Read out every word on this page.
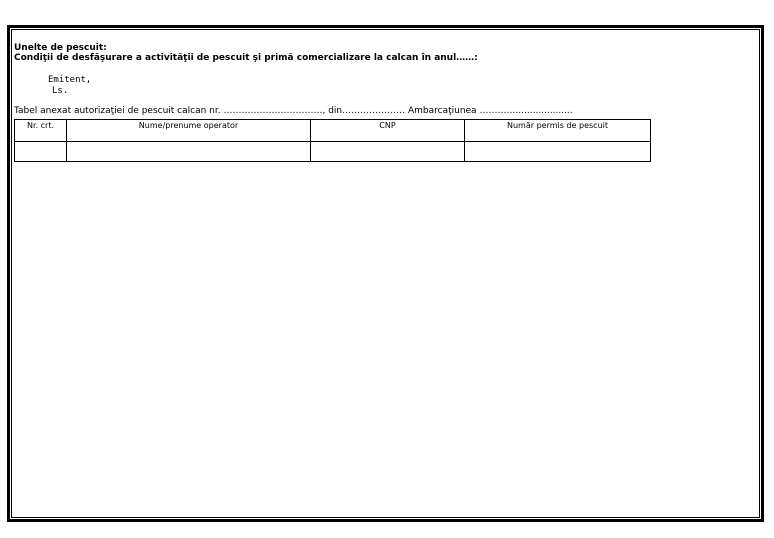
Unelte de pescuit:
Condiţii de desfăşurare a activităţii de pescuit şi primă comercializare la calcan în anul……:
Emitent,
Ls.
Tabel anexat autorizaţiei de pescuit calcan nr. ……………………………, din………………… Ambarcaţiunea …………....................
Nr. crt.	Nume/prenume operator	CNP	Număr permis de pescuit
